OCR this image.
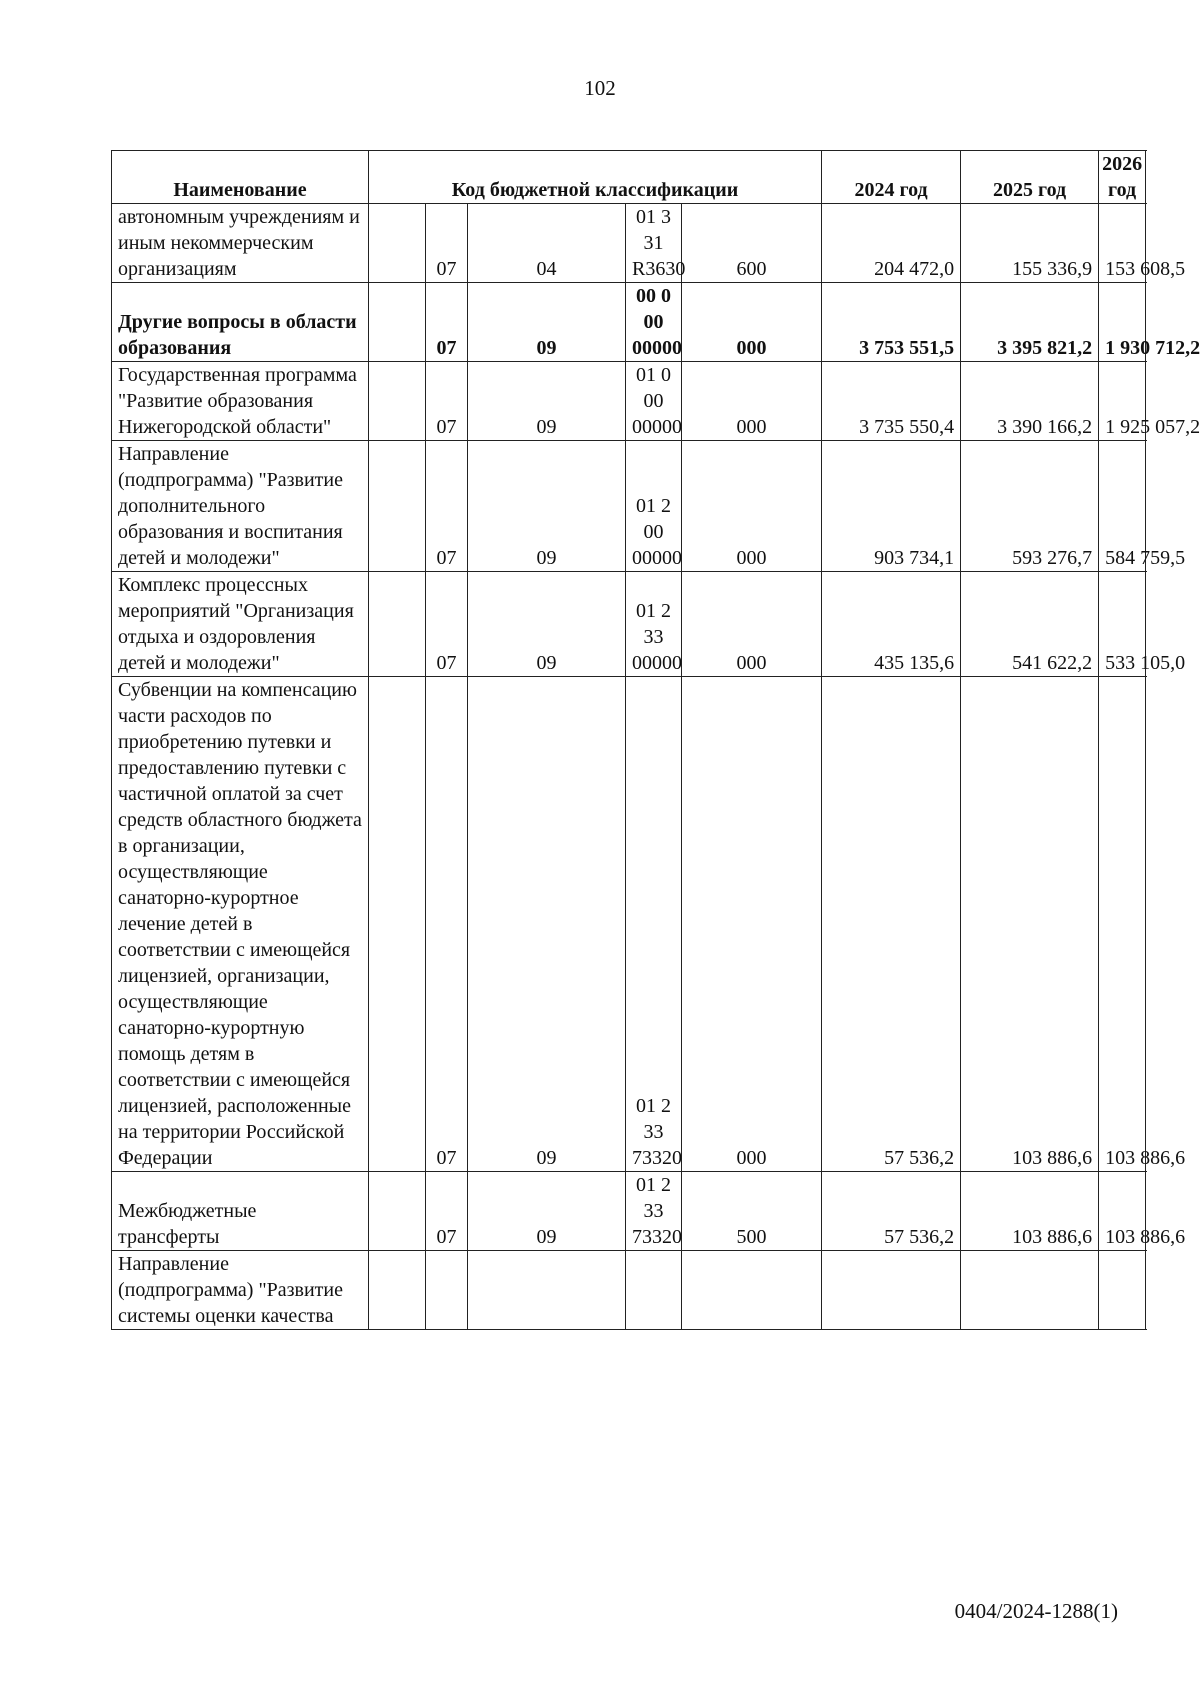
102
Наименование	Код бюджетной классификации					2024 год	2025 год	2026 год
автономным учреждениям и иным некоммерческим организациям		07	04	01 3 31 R3630	600	204 472,0	155 336,9	153 608,5
Другие вопросы в области образования		07	09	00 0 00 00000	000	3 753 551,5	3 395 821,2	1 930 712,2
Государственная программа "Развитие образования Нижегородской области"		07	09	01 0 00 00000	000	3 735 550,4	3 390 166,2	1 925 057,2
Направление (подпрограмма) "Развитие дополнительного образования и воспитания детей и молодежи"		07	09	01 2 00 00000	000	903 734,1	593 276,7	584 759,5
Комплекс процессных мероприятий "Организация отдыха и оздоровления детей и молодежи"		07	09	01 2 33 00000	000	435 135,6	541 622,2	533 105,0
Субвенции на компенсацию части расходов по приобретению путевки и предоставлению путевки с частичной оплатой за счет средств областного бюджета в организации, осуществляющие санаторно-курортное лечение детей в соответствии с имеющейся лицензией, организации, осуществляющие санаторно-курортную помощь детям в соответствии с имеющейся лицензией, расположенные на территории Российской Федерации		07	09	01 2 33 73320	000	57 536,2	103 886,6	103 886,6
Межбюджетные трансферты		07	09	01 2 33 73320	500	57 536,2	103 886,6	103 886,6
Направление (подпрограмма) "Развитие системы оценки качества								
0404/2024-1288(1)
